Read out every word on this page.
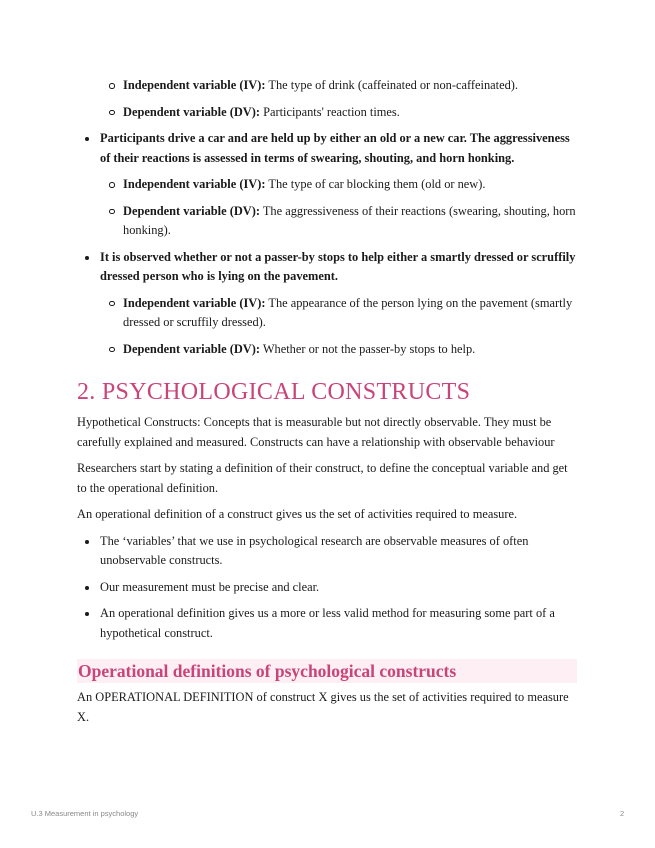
Independent variable (IV): The type of drink (caffeinated or non-caffeinated).

Dependent variable (DV): Participants' reaction times.

Participants drive a car and are held up by either an old or a new car. The aggressiveness of their reactions is assessed in terms of swearing, shouting, and horn honking.

Independent variable (IV): The type of car blocking them (old or new).

Dependent variable (DV): The aggressiveness of their reactions (swearing, shouting, horn honking).

It is observed whether or not a passer-by stops to help either a smartly dressed or scruffily dressed person who is lying on the pavement.

Independent variable (IV): The appearance of the person lying on the pavement (smartly dressed or scruffily dressed).

Dependent variable (DV): Whether or not the passer-by stops to help.

2. PSYCHOLOGICAL CONSTRUCTS

Hypothetical Constructs: Concepts that is measurable but not directly observable. They must be carefully explained and measured. Constructs can have a relationship with observable behaviour

Researchers start by stating a definition of their construct, to define the conceptual variable and get to the operational definition.

An operational definition of a construct gives us the set of activities required to measure.

The ‘variables’ that we use in psychological research are observable measures of often unobservable constructs.

Our measurement must be precise and clear.

An operational definition gives us a more or less valid method for measuring some part of a hypothetical construct.

Operational definitions of psychological constructs

An OPERATIONAL DEFINITION of construct X gives us the set of activities required to measure X.

U.3 Measurement in psychology	2
